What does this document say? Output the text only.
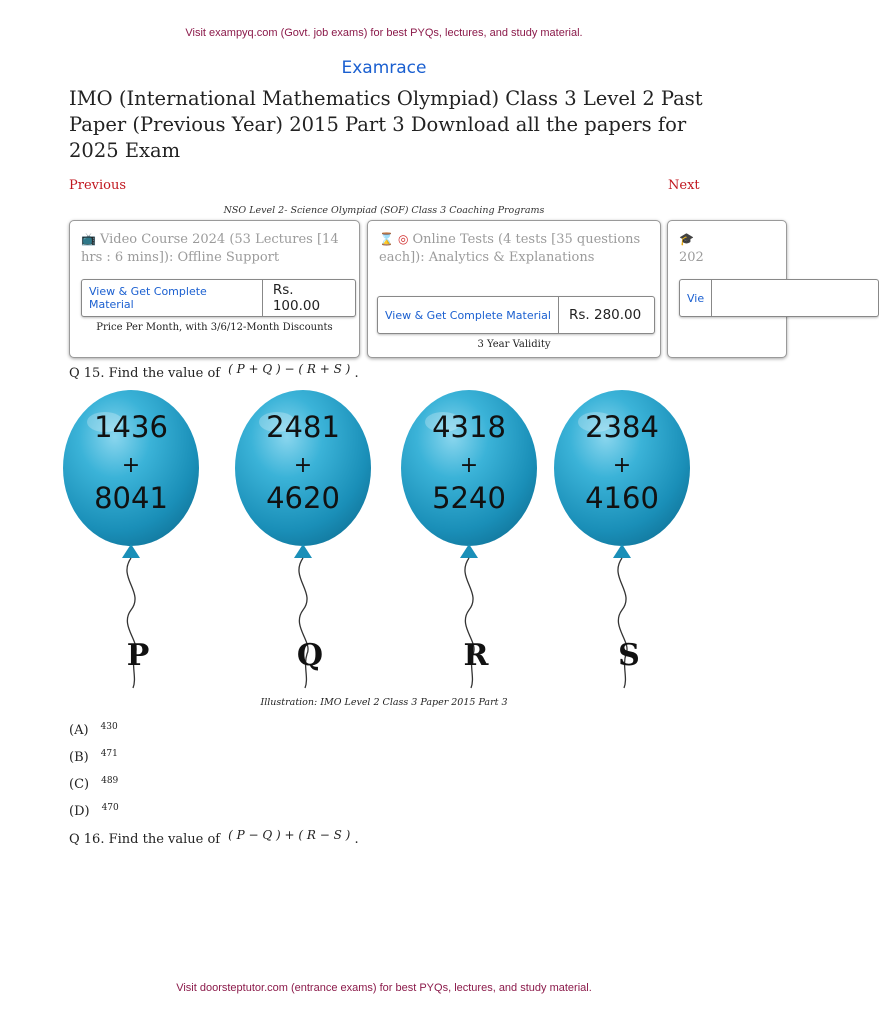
Visit exampyq.com (Govt. job exams) for best PYQs, lectures, and study material.
Examrace
IMO (International Mathematics Olympiad) Class 3 Level 2 Past Paper (Previous Year) 2015 Part 3 Download all the papers for 2025 Exam
Previous	Next
NSO Level 2- Science Olympiad (SOF) Class 3 Coaching Programs
📺 Video Course 2024 (53 Lectures [14 hrs : 6 mins]): Offline Support
View & Get Complete Material
Rs. 100.00
Price Per Month, with 3/6/12-Month Discounts
⌛ ◎ Online Tests (4 tests [35 questions each]): Analytics & Explanations
View & Get Complete Material	Rs. 280.00
3 Year Validity
🎓
202
Vie
Q 15. Find the value of ( P + Q ) − ( R + S ) .
1436
+
8041
P
2481
+
4620
Q
4318
+
5240
R
2384
+
4160
S
Illustration: IMO Level 2 Class 3 Paper 2015 Part 3
(A) $^{430}$
(B) $^{471}$
(C) $^{489}$
(D) $^{470}$
Q 16. Find the value of ( P − Q ) + ( R − S ) .
Visit doorsteptutor.com (entrance exams) for best PYQs, lectures, and study material.
